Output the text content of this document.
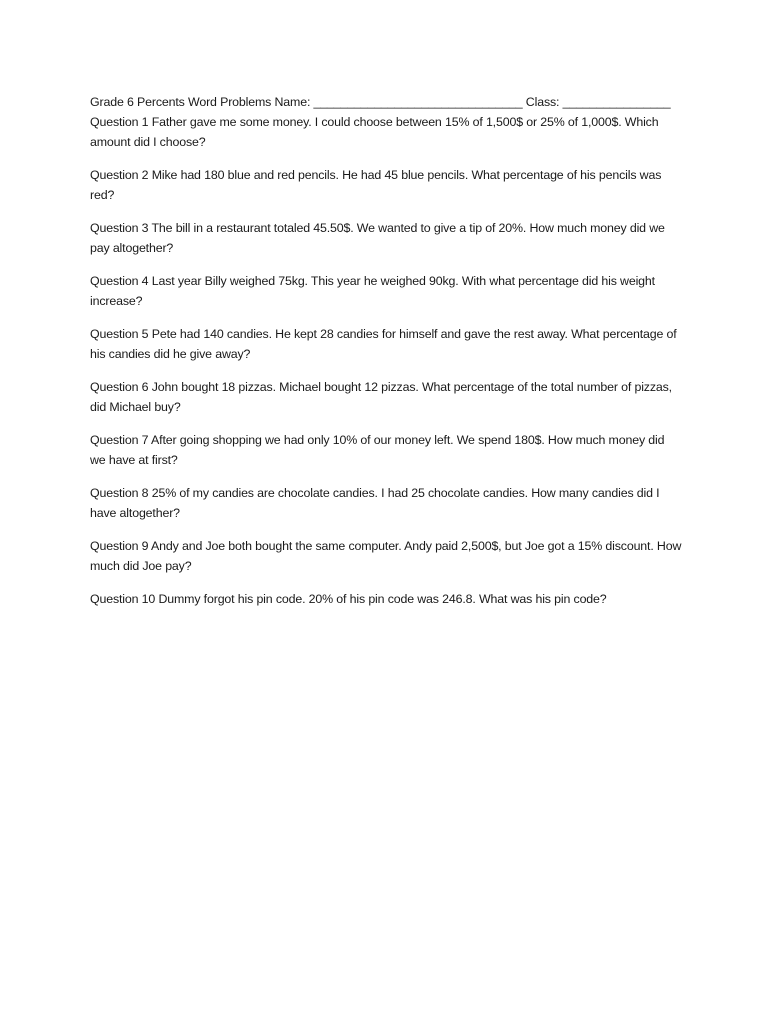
Grade 6 Percents Word Problems Name: _______________________________ Class: ________________

Question 1 Father gave me some money. I could choose between 15% of 1,500$ or 25% of 1,000$. Which amount did I choose?

Question 2 Mike had 180 blue and red pencils. He had 45 blue pencils. What percentage of his pencils was red?

Question 3 The bill in a restaurant totaled 45.50$. We wanted to give a tip of 20%. How much money did we pay altogether?

Question 4 Last year Billy weighed 75kg. This year he weighed 90kg. With what percentage did his weight increase?

Question 5 Pete had 140 candies. He kept 28 candies for himself and gave the rest away. What percentage of his candies did he give away?

Question 6 John bought 18 pizzas. Michael bought 12 pizzas. What percentage of the total number of pizzas, did Michael buy?

Question 7 After going shopping we had only 10% of our money left. We spend 180$. How much money did we have at first?

Question 8 25% of my candies are chocolate candies. I had 25 chocolate candies. How many candies did I have altogether?

Question 9 Andy and Joe both bought the same computer. Andy paid 2,500$, but Joe got a 15% discount. How much did Joe pay?

Question 10 Dummy forgot his pin code. 20% of his pin code was 246.8. What was his pin code?
